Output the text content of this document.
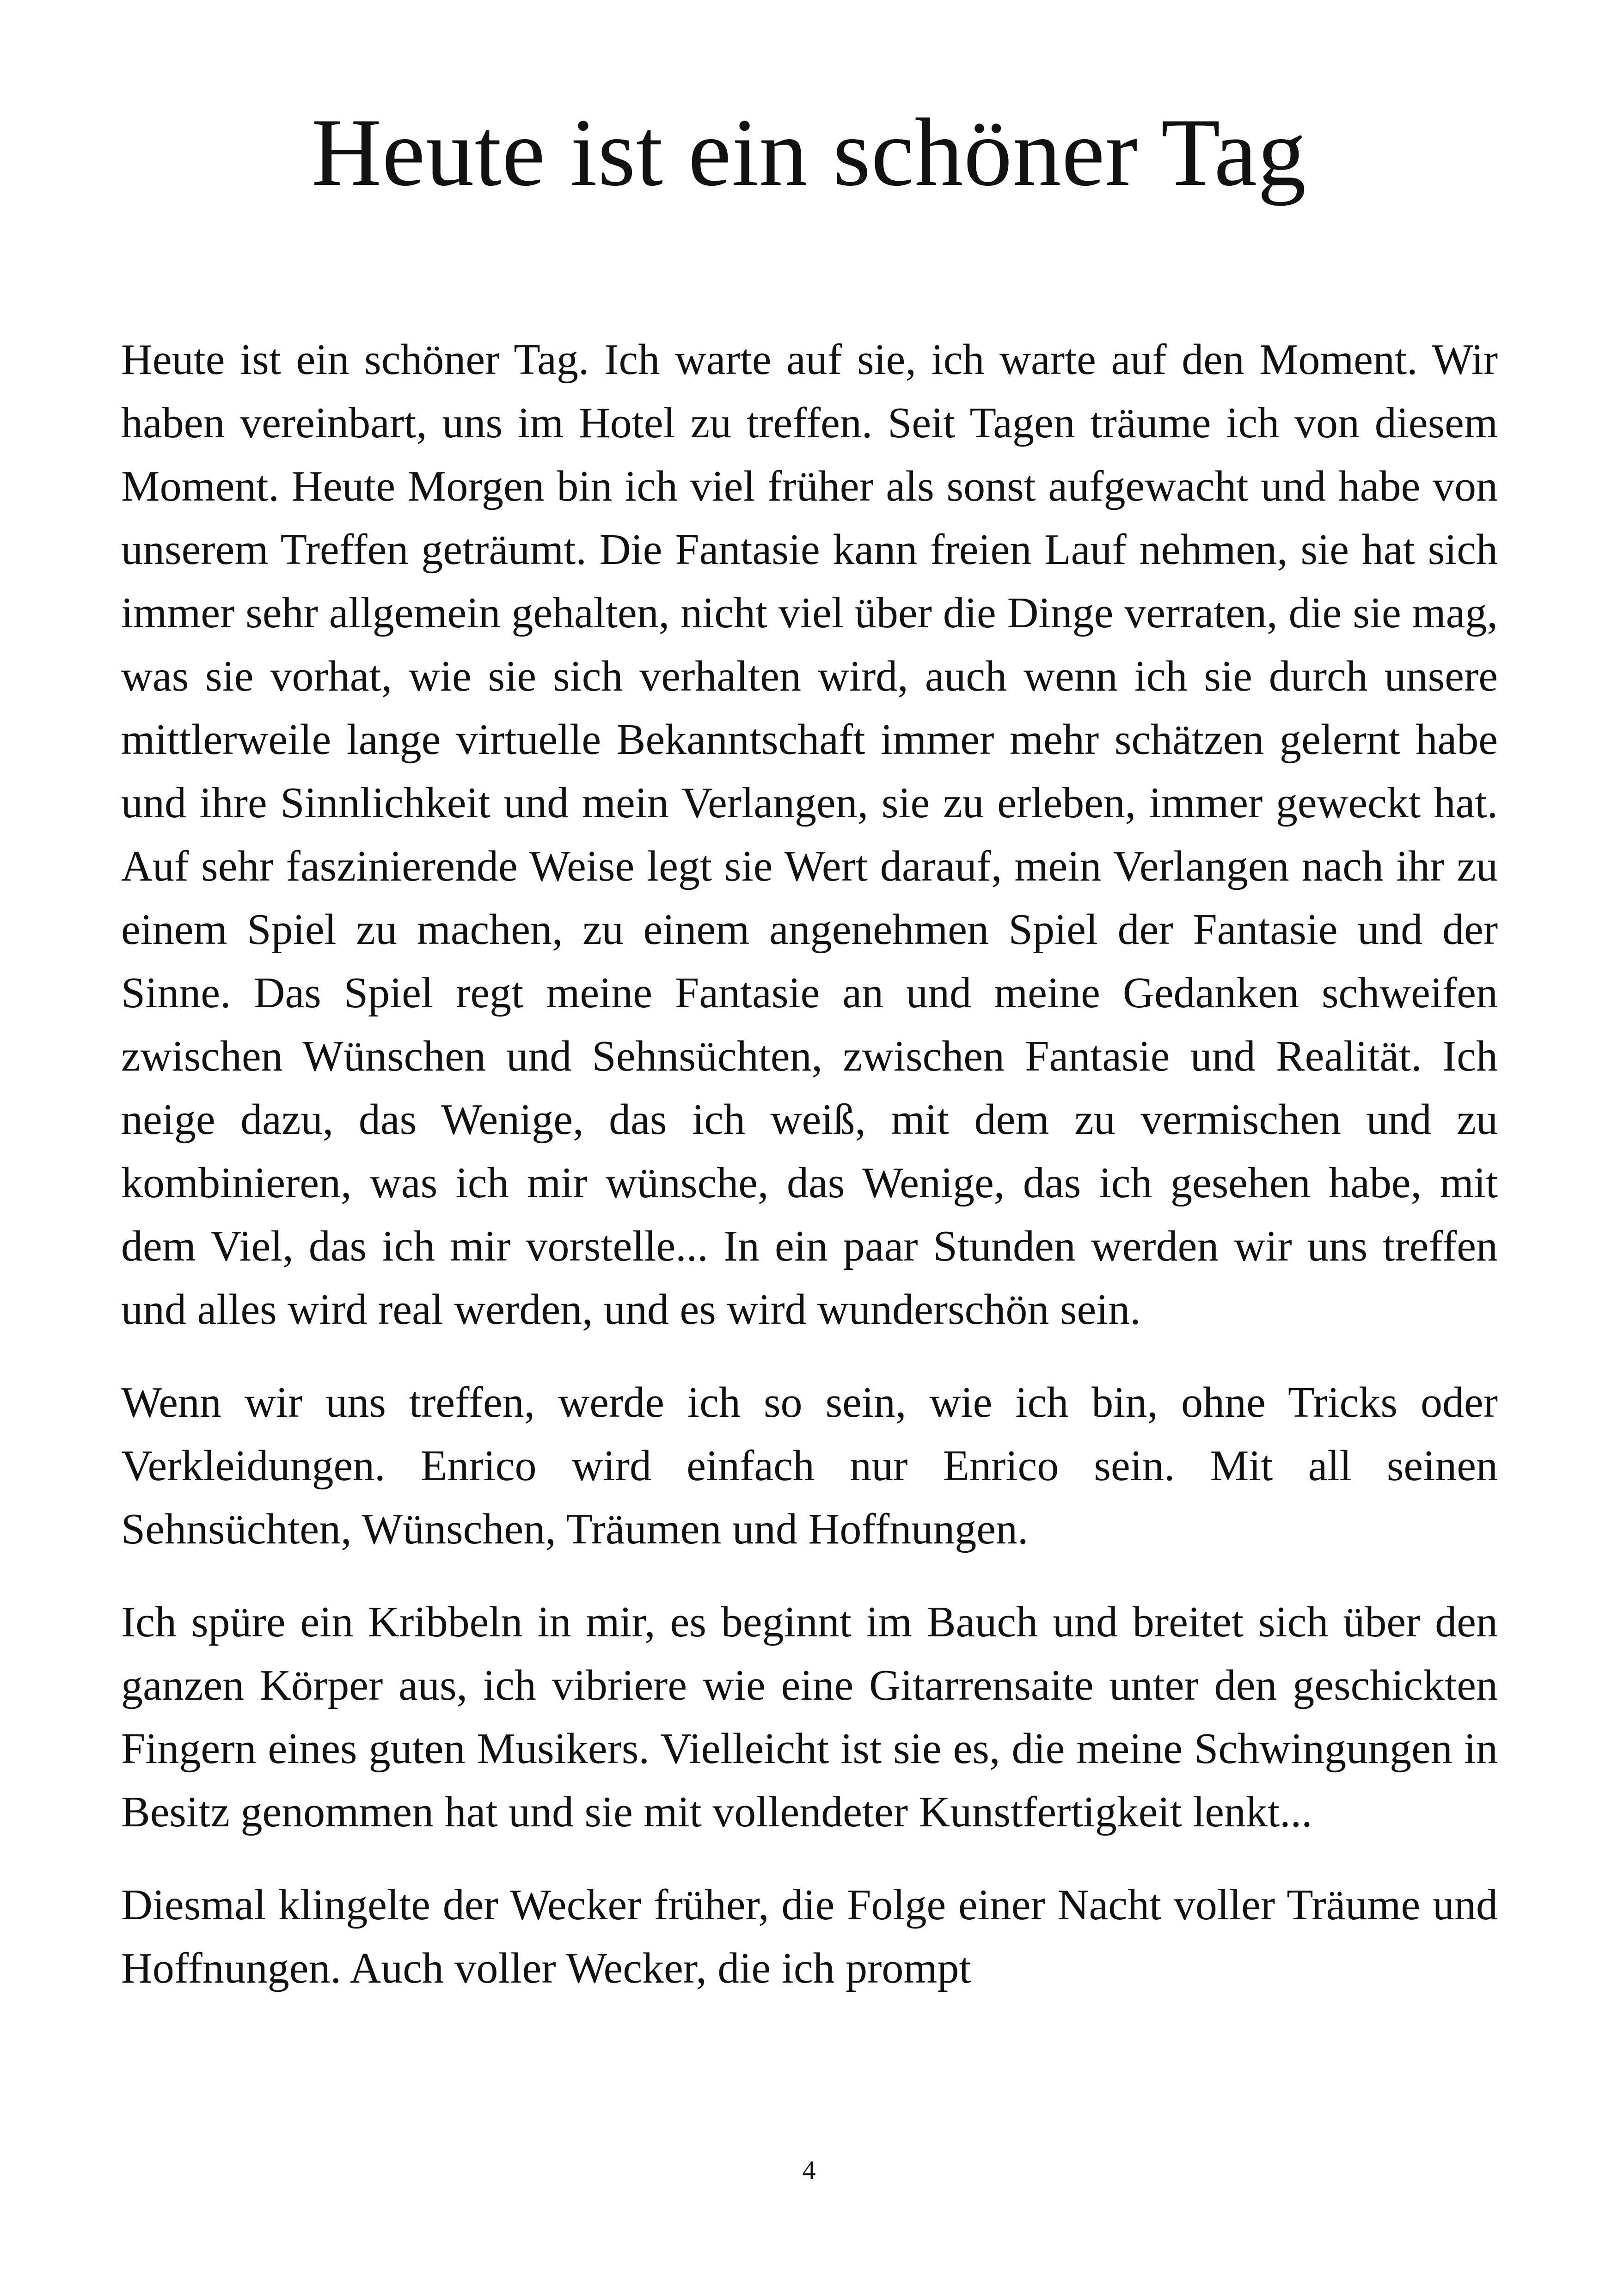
Heute ist ein schöner Tag

Heute ist ein schöner Tag. Ich warte auf sie, ich warte auf den Moment. Wir haben vereinbart, uns im Hotel zu treffen. Seit Tagen träume ich von diesem Moment. Heute Morgen bin ich viel früher als sonst aufgewacht und habe von unserem Treffen geträumt. Die Fantasie kann freien Lauf nehmen, sie hat sich immer sehr allgemein gehalten, nicht viel über die Dinge verraten, die sie mag, was sie vorhat, wie sie sich verhalten wird, auch wenn ich sie durch unsere mittlerweile lange virtuelle Bekanntschaft immer mehr schätzen gelernt habe und ihre Sinnlichkeit und mein Verlangen, sie zu erleben, immer geweckt hat. Auf sehr faszinierende Weise legt sie Wert darauf, mein Verlangen nach ihr zu einem Spiel zu machen, zu einem angenehmen Spiel der Fantasie und der Sinne. Das Spiel regt meine Fantasie an und meine Gedanken schweifen zwischen Wünschen und Sehnsüchten, zwischen Fantasie und Realität. Ich neige dazu, das Wenige, das ich weiß, mit dem zu vermischen und zu kombinieren, was ich mir wünsche, das Wenige, das ich gesehen habe, mit dem Viel, das ich mir vorstelle... In ein paar Stunden werden wir uns treffen und alles wird real werden, und es wird wunderschön sein.

Wenn wir uns treffen, werde ich so sein, wie ich bin, ohne Tricks oder Verkleidungen. Enrico wird einfach nur Enrico sein. Mit all seinen Sehnsüchten, Wünschen, Träumen und Hoffnungen.

Ich spüre ein Kribbeln in mir, es beginnt im Bauch und breitet sich über den ganzen Körper aus, ich vibriere wie eine Gitarrensaite unter den geschickten Fingern eines guten Musikers. Vielleicht ist sie es, die meine Schwingungen in Besitz genommen hat und sie mit vollendeter Kunstfertigkeit lenkt...

Diesmal klingelte der Wecker früher, die Folge einer Nacht voller Träume und Hoffnungen. Auch voller Wecker, die ich prompt

4
